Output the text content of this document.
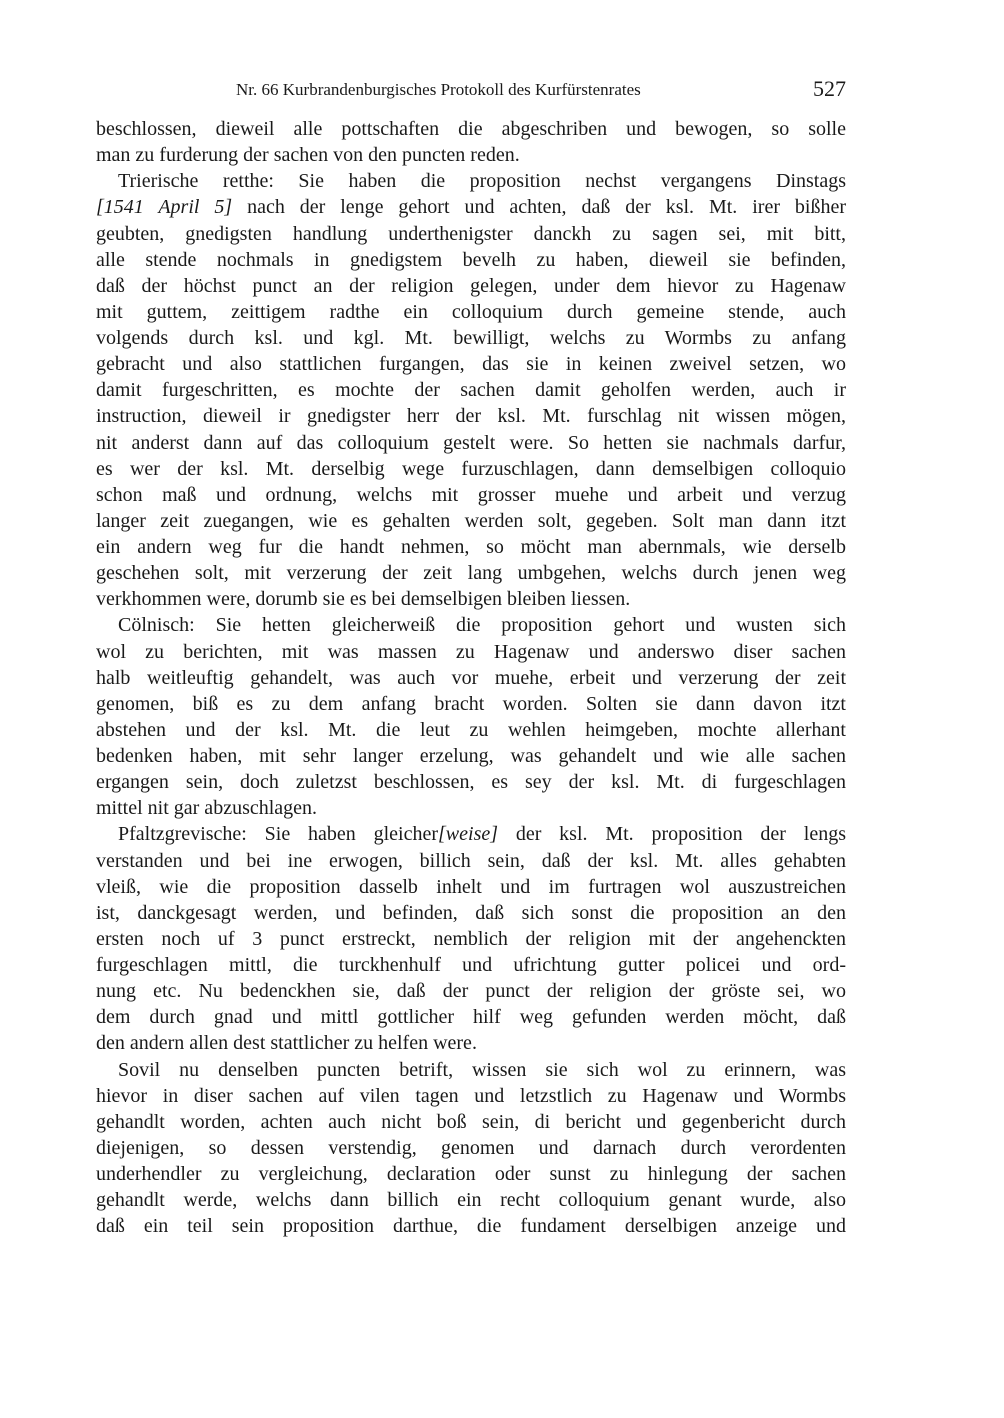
Nr. 66 Kurbrandenburgisches Protokoll des Kurfürstenrates	527
beschlossen, dieweil alle pottschaften die abgeschriben und bewogen, so solle
man zu furderung der sachen von den puncten reden.
Trierische retthe: Sie haben die proposition nechst vergangens Dinstags
[1541 April 5] nach der lenge gehort und achten, daß der ksl. Mt. irer bißher
geubten, gnedigsten handlung underthenigster danckh zu sagen sei, mit bitt,
alle stende nochmals in gnedigstem bevelh zu haben, dieweil sie befinden,
daß der höchst punct an der religion gelegen, under dem hievor zu Hagenaw
mit guttem, zeittigem radthe ein colloquium durch gemeine stende, auch
volgends durch ksl. und kgl. Mt. bewilligt, welchs zu Wormbs zu anfang
gebracht und also stattlichen furgangen, das sie in keinen zweivel setzen, wo
damit furgeschritten, es mochte der sachen damit geholfen werden, auch ir
instruction, dieweil ir gnedigster herr der ksl. Mt. furschlag nit wissen mögen,
nit anderst dann auf das colloquium gestelt were. So hetten sie nachmals darfur,
es wer der ksl. Mt. derselbig wege furzuschlagen, dann demselbigen colloquio
schon maß und ordnung, welchs mit grosser muehe und arbeit und verzug
langer zeit zuegangen, wie es gehalten werden solt, gegeben. Solt man dann itzt
ein andern weg fur die handt nehmen, so möcht man abernmals, wie derselb
geschehen solt, mit verzerung der zeit lang umbgehen, welchs durch jenen weg
verkhommen were, dorumb sie es bei demselbigen bleiben liessen.
Cölnisch: Sie hetten gleicherweiß die proposition gehort und wusten sich
wol zu berichten, mit was massen zu Hagenaw und anderswo diser sachen
halb weitleuftig gehandelt, was auch vor muehe, erbeit und verzerung der zeit
genomen, biß es zu dem anfang bracht worden. Solten sie dann davon itzt
abstehen und der ksl. Mt. die leut zu wehlen heimgeben, mochte allerhant
bedenken haben, mit sehr langer erzelung, was gehandelt und wie alle sachen
ergangen sein, doch zuletzst beschlossen, es sey der ksl. Mt. di furgeschlagen
mittel nit gar abzuschlagen.
Pfaltzgrevische: Sie haben gleicher[weise] der ksl. Mt. proposition der lengs
verstanden und bei ine erwogen, billich sein, daß der ksl. Mt. alles gehabten
vleiß, wie die proposition dasselb inhelt und im furtragen wol auszustreichen
ist, danckgesagt werden, und befinden, daß sich sonst die proposition an den
ersten noch uf 3 punct erstreckt, nemblich der religion mit der angehenckten
furgeschlagen mittl, die turckhenhulf und ufrichtung gutter policei und ord-
nung etc. Nu bedenckhen sie, daß der punct der religion der gröste sei, wo
dem durch gnad und mittl gottlicher hilf weg gefunden werden möcht, daß
den andern allen dest stattlicher zu helfen were.
Sovil nu denselben puncten betrift, wissen sie sich wol zu erinnern, was
hievor in diser sachen auf vilen tagen und letzstlich zu Hagenaw und Wormbs
gehandlt worden, achten auch nicht boß sein, di bericht und gegenbericht durch
diejenigen, so dessen verstendig, genomen und darnach durch verordenten
underhendler zu vergleichung, declaration oder sunst zu hinlegung der sachen
gehandlt werde, welchs dann billich ein recht colloquium genant wurde, also
daß ein teil sein proposition darthue, die fundament derselbigen anzeige und
